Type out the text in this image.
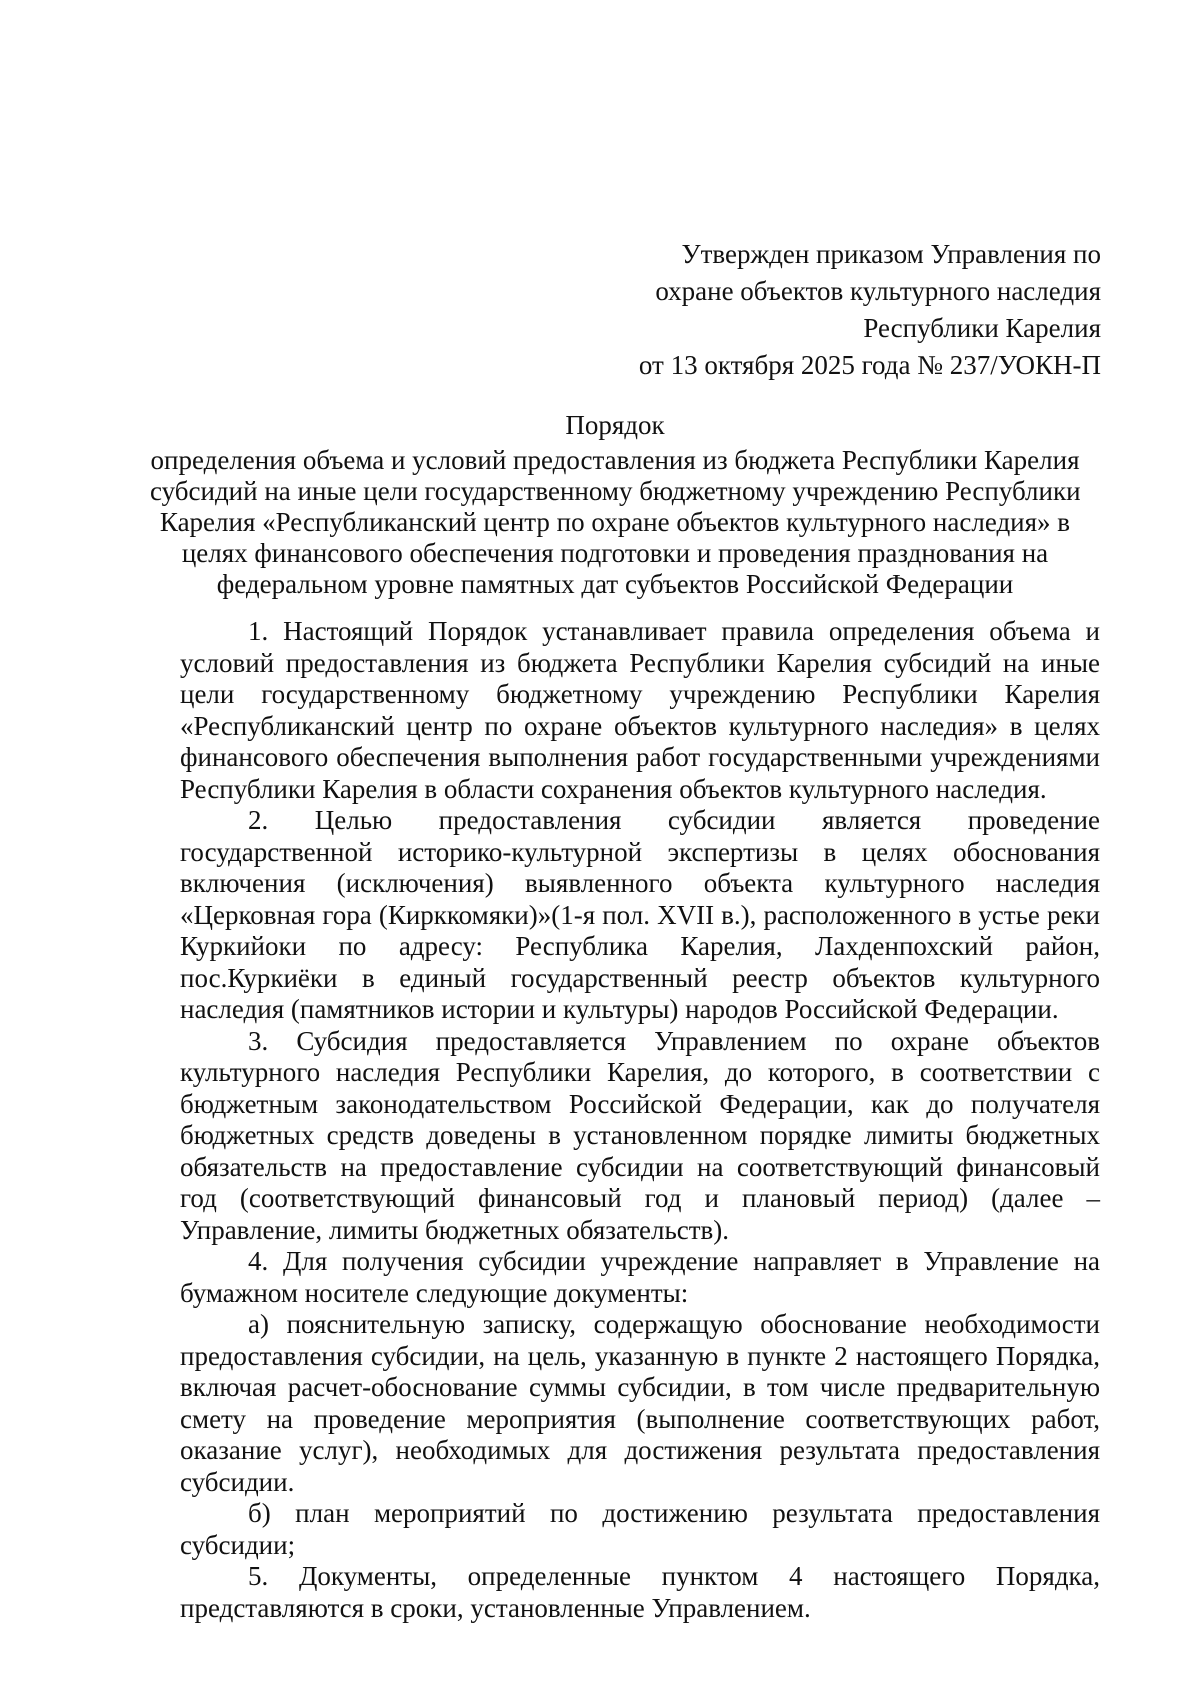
Утвержден приказом Управления по
охране объектов культурного наследия
Республики Карелия
от 13 октября 2025 года № 237/УОКН-П
Порядок
определения объема и условий предоставления из бюджета Республики Карелия
субсидий на иные цели государственному бюджетному учреждению Республики
Карелия «Республиканский центр по охране объектов культурного наследия» в
целях финансового обеспечения подготовки и проведения празднования на
федеральном уровне памятных дат субъектов Российской Федерации

1. Настоящий Порядок устанавливает правила определения объема и условий предоставления из бюджета Республики Карелия субсидий на иные цели государственному бюджетному учреждению Республики Карелия «Республиканский центр по охране объектов культурного наследия» в целях финансового обеспечения выполнения работ государственными учреждениями Республики Карелия в области сохранения объектов культурного наследия.

2. Целью предоставления субсидии является проведение государственной историко-культурной экспертизы в целях обоснования включения (исключения) выявленного объекта культурного наследия «Церковная гора (Кирккомяки)»(1-я пол. XVII в.), расположенного в устье реки Куркийоки по адресу: Республика Карелия, Лахденпохский район, пос.Куркиёки в единый государственный реестр объектов культурного наследия (памятников истории и культуры) народов Российской Федерации.

3. Субсидия предоставляется Управлением по охране объектов культурного наследия Республики Карелия, до которого, в соответствии с бюджетным законодательством Российской Федерации, как до получателя бюджетных средств доведены в установленном порядке лимиты бюджетных обязательств на предоставление субсидии на соответствующий финансовый год (соответствующий финансовый год и плановый период) (далее – Управление, лимиты бюджетных обязательств).

4. Для получения субсидии учреждение направляет в Управление на бумажном носителе следующие документы:

а) пояснительную записку, содержащую обоснование необходимости предоставления субсидии, на цель, указанную в пункте 2 настоящего Порядка, включая расчет-обоснование суммы субсидии, в том числе предварительную смету на проведение мероприятия (выполнение соответствующих работ, оказание услуг), необходимых для достижения результата предоставления субсидии.

б) план мероприятий по достижению результата предоставления субсидии;

5. Документы, определенные пунктом 4 настоящего Порядка, представляются в сроки, установленные Управлением.
